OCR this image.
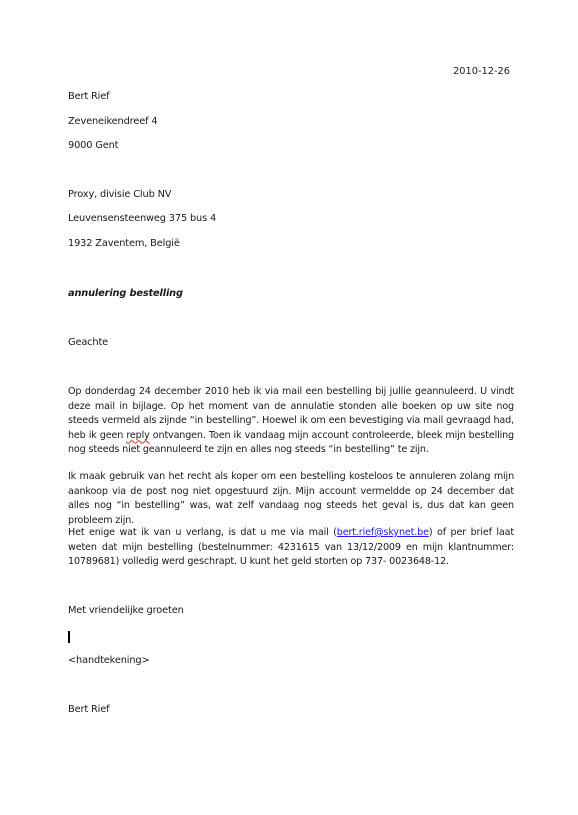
2010-12-26
Bert Rief
Zeveneikendreef 4
9000 Gent
Proxy, divisie Club NV
Leuvensensteenweg 375 bus 4
1932 Zaventem, België
annulering bestelling
Geachte
Op donderdag 24 december 2010 heb ik via mail een bestelling bij jullie geannuleerd. U vindt deze mail in bijlage. Op het moment van de annulatie stonden alle boeken op uw site nog steeds vermeld als zijnde “in bestelling”. Hoewel ik om een bevestiging via mail gevraagd had, heb ik geen reply ontvangen. Toen ik vandaag mijn account controleerde, bleek mijn bestelling nog steeds niet geannuleerd te zijn en alles nog steeds “in bestelling” te zijn.
Ik maak gebruik van het recht als koper om een bestelling kosteloos te annuleren zolang mijn aankoop via de post nog niet opgestuurd zijn. Mijn account vermeldde op 24 december dat alles nog “in bestelling” was, wat zelf vandaag nog steeds het geval is, dus dat kan geen probleem zijn.
Het enige wat ik van u verlang, is dat u me via mail (bert.rief@skynet.be) of per brief laat weten dat mijn bestelling (bestelnummer: 4231615 van 13/12/2009 en mijn klantnummer: 10789681) volledig werd geschrapt. U kunt het geld storten op 737- 0023648-12.
Met vriendelijke groeten
<handtekening>
Bert Rief
